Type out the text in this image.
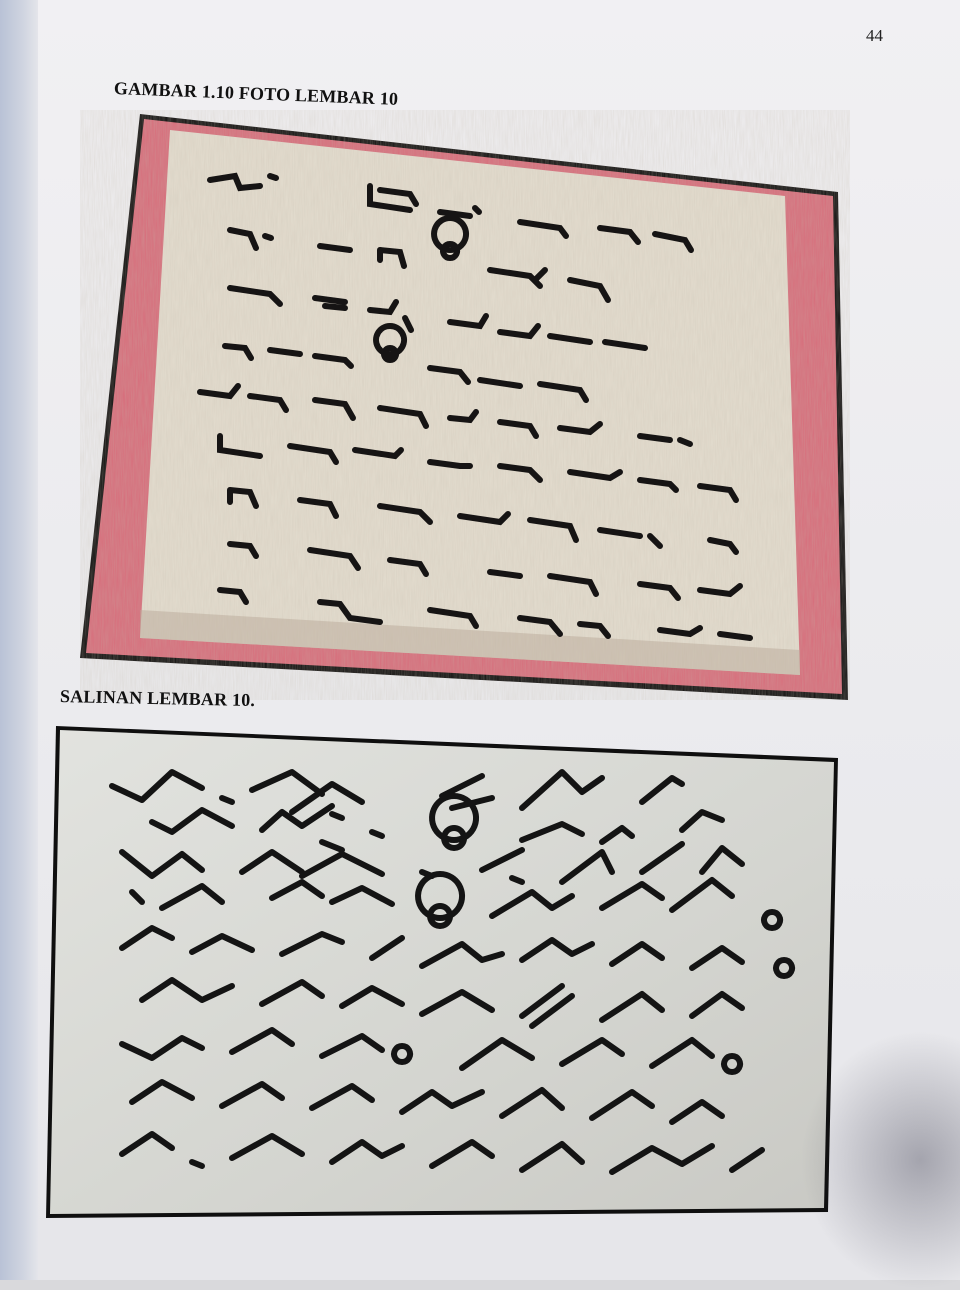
44
GAMBAR 1.10 FOTO LEMBAR 10
SALINAN LEMBAR 10.
